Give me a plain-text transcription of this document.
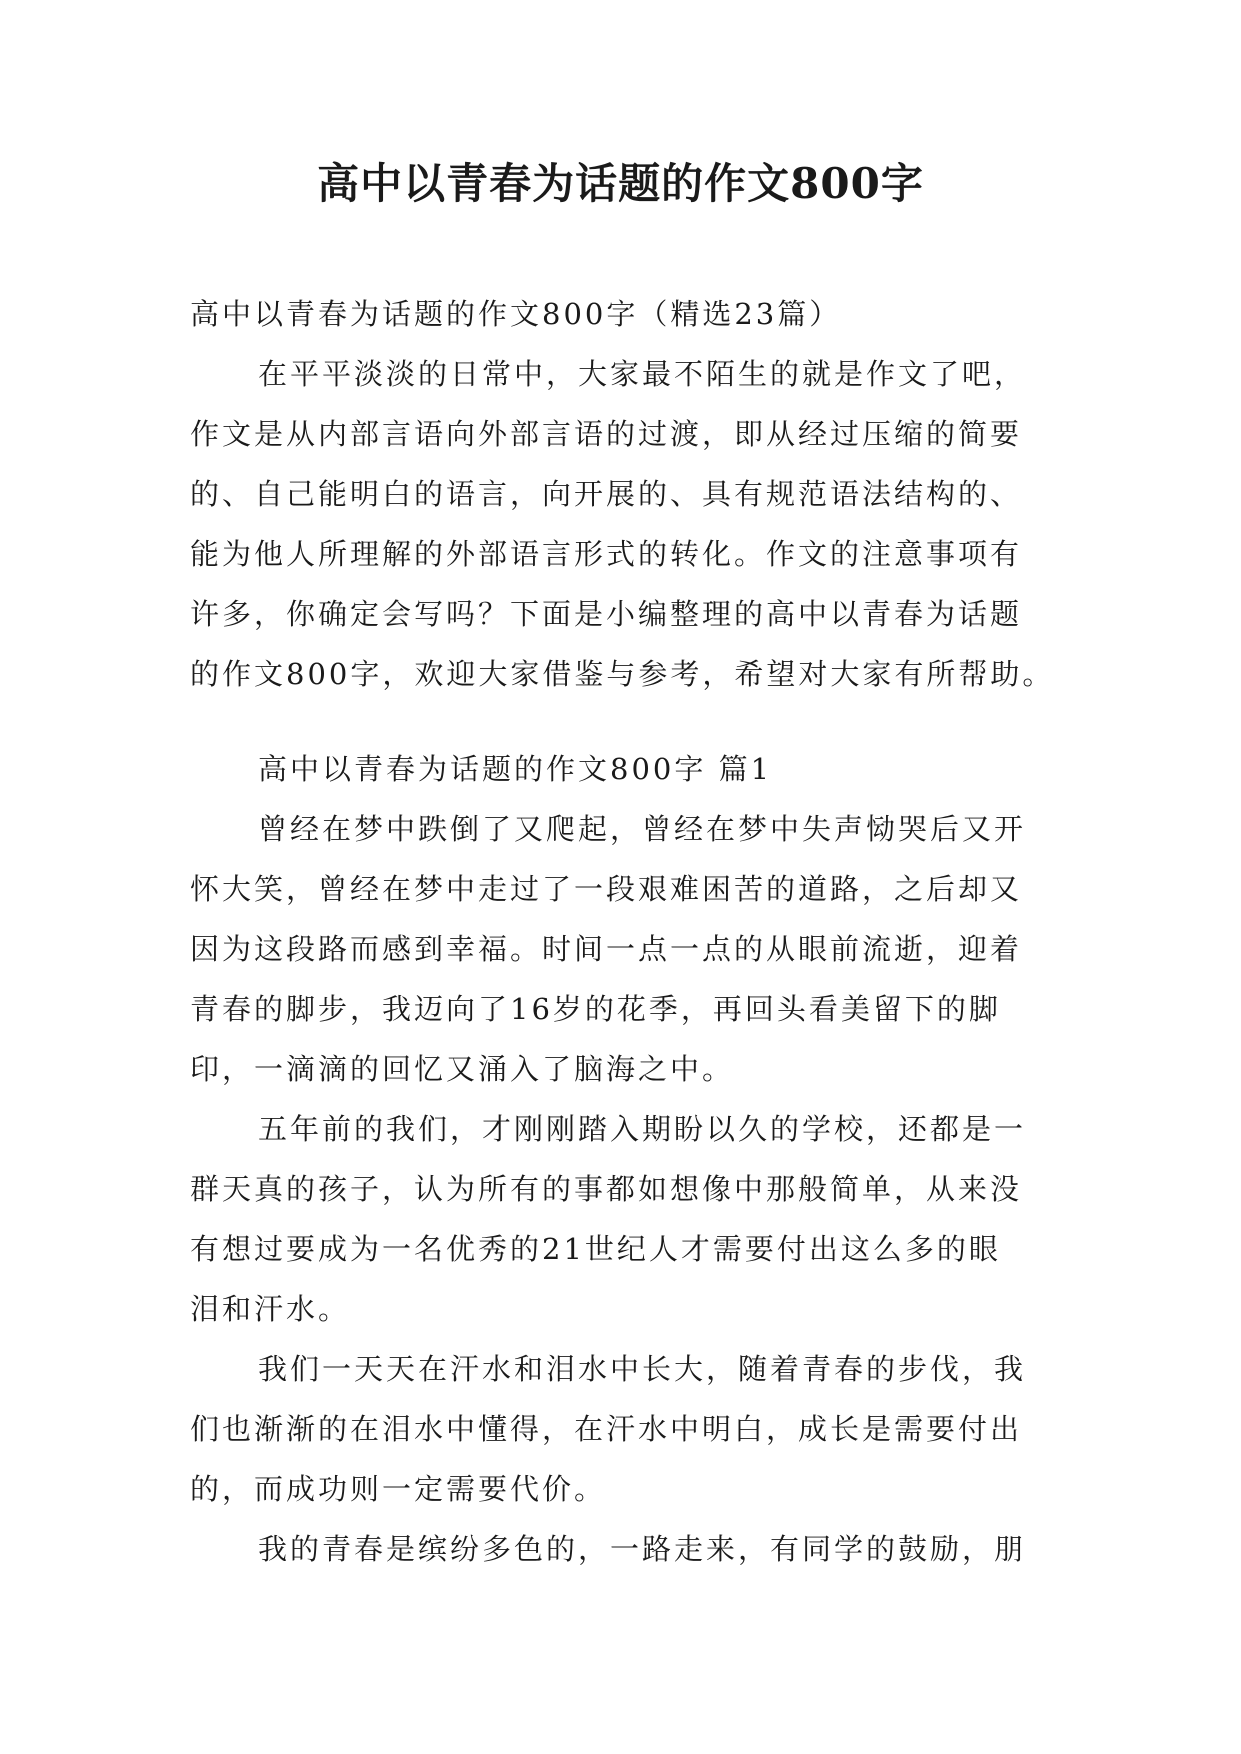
高中以青春为话题的作文800字
高中以青春为话题的作文800字（精选23篇）
在平平淡淡的日常中，大家最不陌生的就是作文了吧，
作文是从内部言语向外部言语的过渡，即从经过压缩的简要
的、自己能明白的语言，向开展的、具有规范语法结构的、
能为他人所理解的外部语言形式的转化。作文的注意事项有
许多，你确定会写吗？下面是小编整理的高中以青春为话题
的作文800字，欢迎大家借鉴与参考，希望对大家有所帮助。
高中以青春为话题的作文800字 篇1
曾经在梦中跌倒了又爬起，曾经在梦中失声恸哭后又开
怀大笑，曾经在梦中走过了一段艰难困苦的道路，之后却又
因为这段路而感到幸福。时间一点一点的从眼前流逝，迎着
青春的脚步，我迈向了16岁的花季，再回头看美留下的脚
印，一滴滴的回忆又涌入了脑海之中。
五年前的我们，才刚刚踏入期盼以久的学校，还都是一
群天真的孩子，认为所有的事都如想像中那般简单，从来没
有想过要成为一名优秀的21世纪人才需要付出这么多的眼
泪和汗水。
我们一天天在汗水和泪水中长大，随着青春的步伐，我
们也渐渐的在泪水中懂得，在汗水中明白，成长是需要付出
的，而成功则一定需要代价。
我的青春是缤纷多色的，一路走来，有同学的鼓励，朋
